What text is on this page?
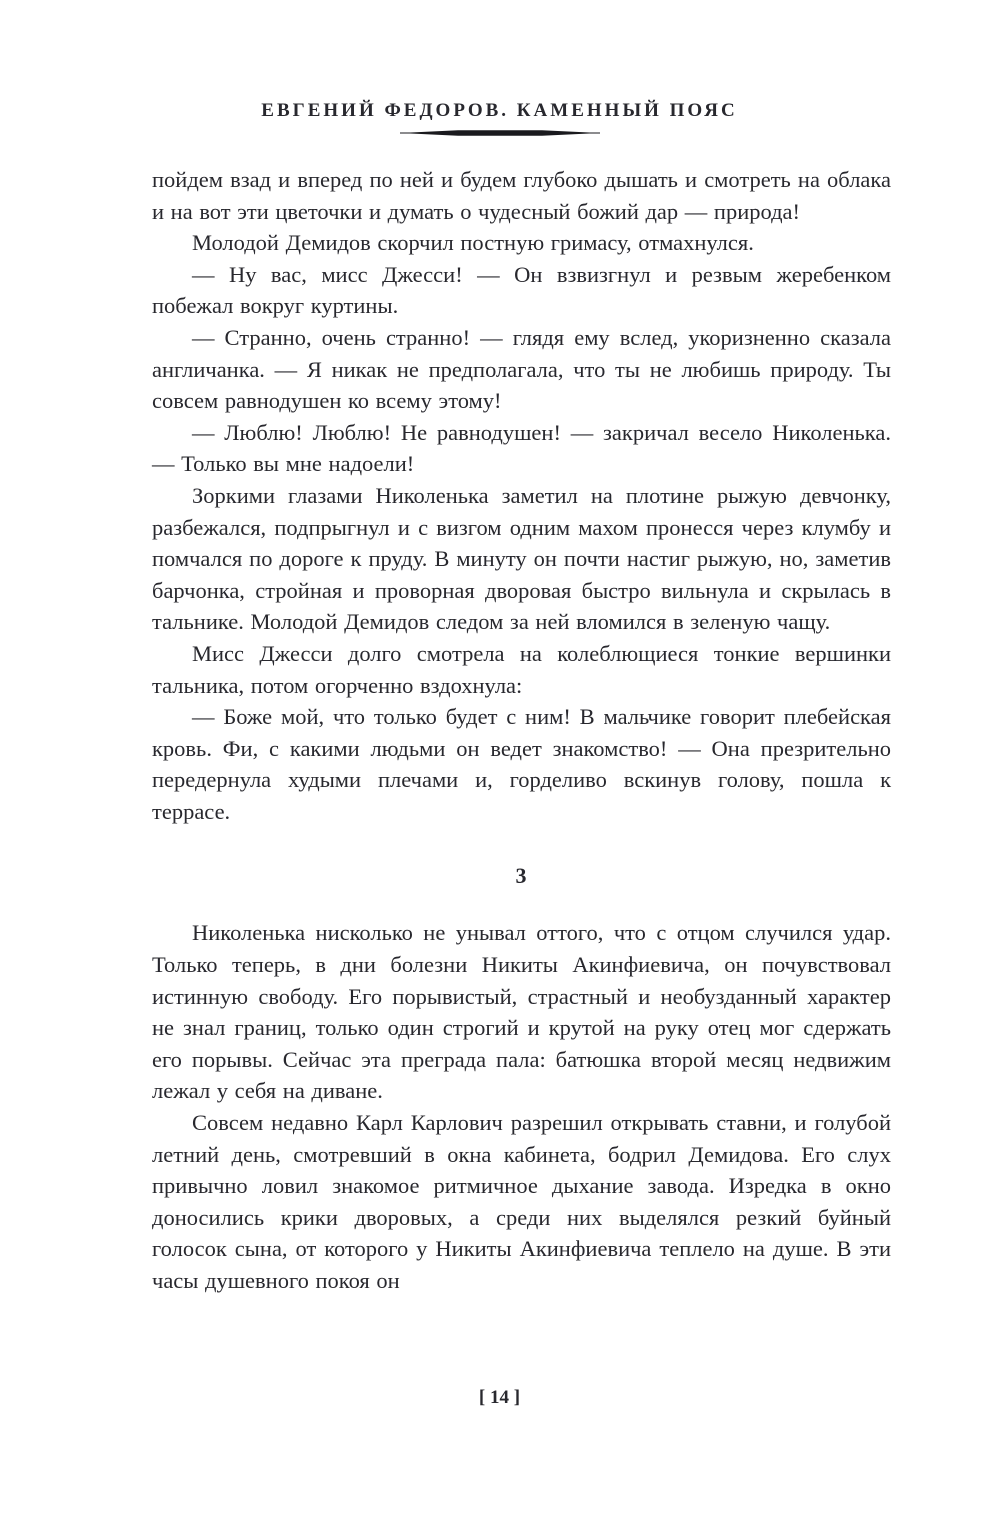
ЕВГЕНИЙ ФЕДОРОВ. КАМЕННЫЙ ПОЯС

пойдем взад и вперед по ней и будем глубоко дышать и смотреть на облака и на вот эти цветочки и думать о чудесный божий дар — природа!

Молодой Демидов скорчил постную гримасу, отмахнулся.

— Ну вас, мисс Джесси! — Он взвизгнул и резвым жеребенком побежал вокруг куртины.

— Странно, очень странно! — глядя ему вслед, укоризненно сказала англичанка. — Я никак не предполагала, что ты не любишь природу. Ты совсем равнодушен ко всему этому!

— Люблю! Люблю! Не равнодушен! — закричал весело Николенька. — Только вы мне надоели!

Зоркими глазами Николенька заметил на плотине рыжую девчонку, разбежался, подпрыгнул и с визгом одним махом пронесся через клумбу и помчался по дороге к пруду. В минуту он почти настиг рыжую, но, заметив барчонка, стройная и проворная дворовая быстро вильнула и скрылась в тальнике. Молодой Демидов следом за ней вломился в зеленую чащу.

Мисс Джесси долго смотрела на колеблющиеся тонкие вершинки тальника, потом огорченно вздохнула:

— Боже мой, что только будет с ним! В мальчике говорит плебейская кровь. Фи, с какими людьми он ведет знакомство! — Она презрительно передернула худыми плечами и, горделиво вскинув голову, пошла к террасе.

3

Николенька нисколько не унывал оттого, что с отцом случился удар. Только теперь, в дни болезни Никиты Акинфиевича, он почувствовал истинную свободу. Его порывистый, страстный и необузданный характер не знал границ, только один строгий и крутой на руку отец мог сдержать его порывы. Сейчас эта преграда пала: батюшка второй месяц недвижим лежал у себя на диване.

Совсем недавно Карл Карлович разрешил открывать ставни, и голубой летний день, смотревший в окна кабинета, бодрил Демидова. Его слух привычно ловил знакомое ритмичное дыхание завода. Изредка в окно доносились крики дворовых, а среди них выделялся резкий буйный голосок сына, от которого у Никиты Акинфиевича теплело на душе. В эти часы душевного покоя он

[ 14 ]
